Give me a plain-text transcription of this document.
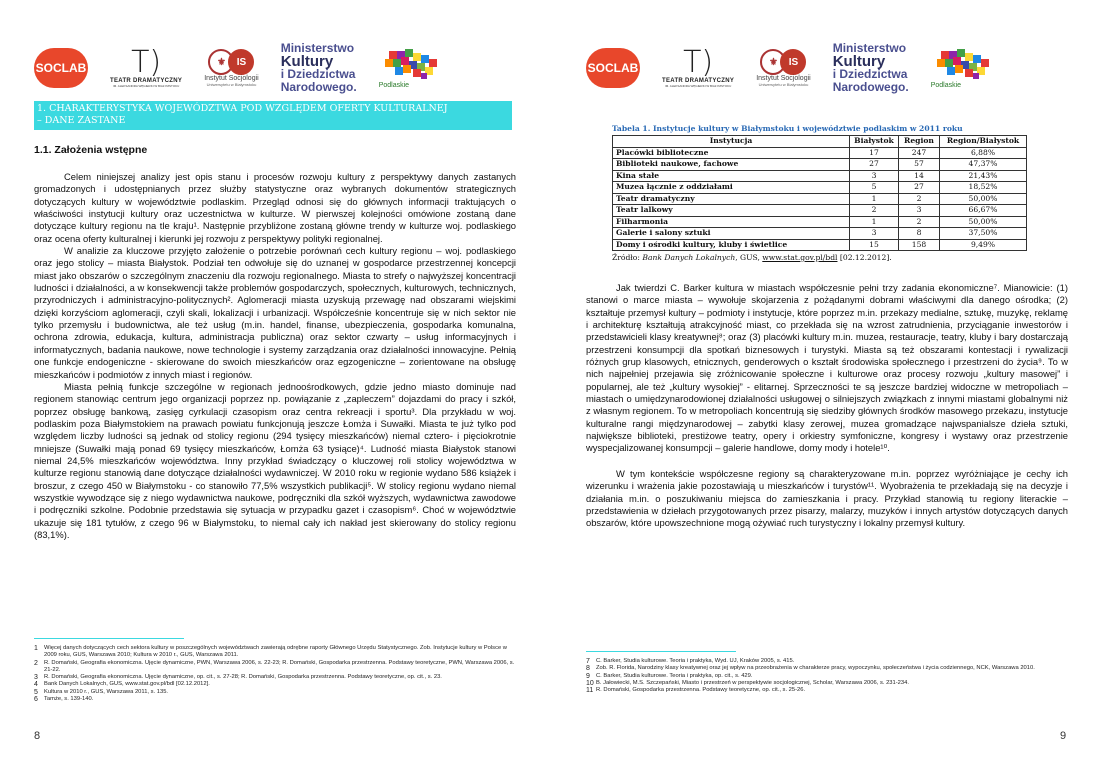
SOCLAB T)
TEATR DRAMATYCZNY
IM. ALEKSANDRA WĘGIERKI W BIAŁYMSTOKU
⚜	IS
Instytut Socjologii
Uniwersytetu w Białymstoku
Ministerstwo
Kultury
i Dziedzictwa
Narodowego.	Podlaskie
1. CHARAKTERYSTYKA WOJEWÓDZTWA POD WZGLĘDEM OFERTY KULTURALNEJ
– DANE ZASTANE
1.1. Założenia wstępne

Celem niniejszej analizy jest opis stanu i procesów rozwoju kultury z perspektywy danych zastanych gromadzonych i udostępnianych przez służby statystyczne oraz wybranych dokumentów strategicznych dotyczących kultury w województwie podlaskim. Przegląd odnosi się do głównych informacji traktujących o właściwości instytucji kultury oraz uczestnictwa w kulturze. W pierwszej kolejności omówione zostaną dane dotyczące kultury regionu na tle kraju¹. Następnie przybliżone zostaną główne trendy w kulturze woj. podlaskiego oraz ocena oferty kulturalnej i kierunki jej rozwoju z perspektywy polityki regionalnej.

W analizie za kluczowe przyjęto założenie o potrzebie porównań cech kultury regionu – woj. podlaskiego oraz jego stolicy – miasta Białystok. Podział ten odwołuje się do uznanej w gospodarce przestrzennej koncepcji miast jako obszarów o szczególnym znaczeniu dla rozwoju regionalnego. Miasta to strefy o najwyższej koncentracji ludności i działalności, a w konsekwencji także problemów gospodarczych, społecznych, kulturowych, technicznych, przyrodniczych i administracyjno-politycznych². Aglomeracji miasta uzyskują przewagę nad obszarami wiejskimi dzięki korzyściom aglomeracji, czyli skali, lokalizacji i urbanizacji. Współcześnie koncentruje się w nich sektor nie tylko przemysłu i budownictwa, ale też usług (m.in. handel, finanse, ubezpieczenia, gospodarka komunalna, ochrona zdrowia, edukacja, kultura, administracja publiczna) oraz sektor czwarty – usług informacyjnych i informatycznych, badania naukowe, nowe technologie i systemy zarządzania oraz działalności innowacyjne. Pełnią one funkcje endogeniczne - skierowane do swoich mieszkańców oraz egzogeniczne – zorientowane na obsługę mieszkańców i podmiotów z innych miast i regionów.

Miasta pełnią funkcje szczególne w regionach jednoośrodkowych, gdzie jedno miasto dominuje nad regionem stanowiąc centrum jego organizacji poprzez np. powiązanie z „zapleczem” dojazdami do pracy i szkół, poprzez obsługę bankową, zasięg cyrkulacji czasopism oraz centra rekreacji i sportu³. Dla przykładu w woj. podlaskim poza Białymstokiem na prawach powiatu funkcjonują jeszcze Łomża i Suwałki. Miasta te już tylko pod względem liczby ludności są jednak od stolicy regionu (294 tysięcy mieszkańców) niemal cztero- i pięciokrotnie mniejsze (Suwałki mają ponad 69 tysięcy mieszkańców, Łomża 63 tysiące)⁴. Ludność miasta Białystok stanowi niemal 24,5% mieszkańców województwa. Inny przykład świadczący o kluczowej roli stolicy województwa w kulturze regionu stanowią dane dotyczące działalności wydawniczej. W 2010 roku w regionie wydano 586 książek i broszur, z czego 450 w Białymstoku - co stanowiło 77,5% wszystkich publikacji⁵. W stolicy regionu wydano niemal wszystkie wywodzące się z niego wydawnictwa naukowe, podręczniki dla szkół wyższych, wydawnictwa zawodowe i podręczniki szkolne. Podobnie przedstawia się sytuacja w przypadku gazet i czasopism⁶. Choć w województwie ukazuje się 181 tytułów, z czego 96 w Białymstoku, to niemal cały ich nakład jest skierowany do stolicy regionu (83,1%).

1	Więcej danych dotyczących cech sektora kultury w poszczególnych województwach zawierają odrębne raporty Głównego Urzędu Statystycznego. Zob. Instytucje kultury w Polsce w 2009 roku, GUS, Warszawa 2010; Kultura w 2010 r., GUS, Warszawa 2011.
2	R. Domański, Geografia ekonomiczna. Ujęcie dynamiczne, PWN, Warszawa 2006, s. 22-23; R. Domański, Gospodarka przestrzenna. Podstawy teoretyczne, PWN, Warszawa 2006, s. 21-22.
3	R. Domański, Geografia ekonomiczna. Ujęcie dynamiczne, op. cit., s. 27-28; R. Domański, Gospodarka przestrzenna. Podstawy teoretyczne, op. cit., s. 23.
4	Bank Danych Lokalnych, GUS, www.stat.gov.pl/bdl [02.12.2012].
5	Kultura w 2010 r., GUS, Warszawa 2011, s. 135.
6	Tamże, s. 139-140.
8
SOCLAB T)
TEATR DRAMATYCZNY
IM. ALEKSANDRA WĘGIERKI W BIAŁYMSTOKU
⚜	IS
Instytut Socjologii
Uniwersytetu w Białymstoku
Ministerstwo
Kultury
i Dziedzictwa
Narodowego.	Podlaskie
Tabela 1. Instytucje kultury w Białymstoku i województwie podlaskim w 2011 roku
Instytucja	Białystok	Region	Region/Białystok
Placówki biblioteczne	17	247	6,88%
Biblioteki naukowe, fachowe	27	57	47,37%
Kina stałe	3	14	21,43%
Muzea łącznie z oddziałami	5	27	18,52%
Teatr dramatyczny	1	2	50,00%
Teatr lalkowy	2	3	66,67%
Filharmonia	1	2	50,00%
Galerie i salony sztuki	3	8	37,50%
Domy i ośrodki kultury, kluby i świetlice	15	158	9,49%
Źródło: Bank Danych Lokalnych, GUS, www.stat.gov.pl/bdl [02.12.2012].

Jak twierdzi C. Barker kultura w miastach współczesnie pełni trzy zadania ekonomiczne⁷. Mianowicie: (1) stanowi o marce miasta – wywołuje skojarzenia z pożądanymi dobrami właściwymi dla danego ośrodka; (2) kształtuje przemysł kultury – podmioty i instytucje, które poprzez m.in. przekazy medialne, sztukę, muzykę, reklamę i architekturę kształtują atrakcyjność miast, co przekłada się na wzrost zatrudnienia, przyciąganie inwestorów i przedstawicieli klasy kreatywnej⁸; oraz (3) placówki kultury m.in. muzea, restauracje, teatry, kluby i bary dostarczają przestrzeni konsumpcji dla spotkań biznesowych i turystyki. Miasta są też obszarami kontestacji i rywalizacji różnych grup klasowych, etnicznych, genderowych o kształt środowiska społecznego i przestrzeni do życia⁹. To w nich najpełniej przejawia się zróżnicowanie społeczne i kulturowe oraz procesy rozwoju „kultury masowej” i popularnej, ale też „kultury wysokiej” - elitarnej. Sprzeczności te są jeszcze bardziej widoczne w metropoliach – miastach o umiędzynarodowionej działalności usługowej o silniejszych związkach z innymi miastami globalnymi niż z własnym regionem. To w metropoliach koncentrują się siedziby głównych środków masowego przekazu, instytucje kulturalne rangi międzynarodowej – zabytki klasy zerowej, muzea gromadzące najwspanialsze dzieła sztuki, największe biblioteki, prestiżowe teatry, opery i orkiestry symfoniczne, kongresy i wystawy oraz przestrzenie wyspecjalizowanej konsumpcji – galerie handlowe, domy mody i hotele¹⁰.

W tym kontekście współczesne regiony są charakteryzowane m.in. poprzez wyróżniające je cechy ich wizerunku i wrażenia jakie pozostawiają u mieszkańców i turystów¹¹. Wyobrażenia te przekładają się na decyzje i działania m.in. o poszukiwaniu miejsca do zamieszkania i pracy. Przykład stanowią tu regiony literackie – przedstawienia w dziełach przygotowanych przez pisarzy, malarzy, muzyków i innych artystów dotyczących danych obszarów, które upowszechnione mogą ożywiać ruch turystyczny i lokalny przemysł kultury.

7	C. Barker, Studia kulturowe. Teoria i praktyka, Wyd. UJ, Kraków 2005, s. 415.
8	Zob. R. Florida, Narodziny klasy kreatywnej oraz jej wpływ na przeobrażenia w charakterze pracy, wypoczynku, społeczeństwa i życia codziennego, NCK, Warszawa 2010.
9	C. Barker, Studia kulturowe. Teoria i praktyka, op. cit., s. 429.
10 B. Jałowiecki, M.S. Szczepański, Miasto i przestrzeń w perspektywie socjologicznej, Scholar, Warszawa 2006, s. 231-234.
11 R. Domański, Gospodarka przestrzenna. Podstawy teoretyczne, op. cit., s. 25-26.
9
